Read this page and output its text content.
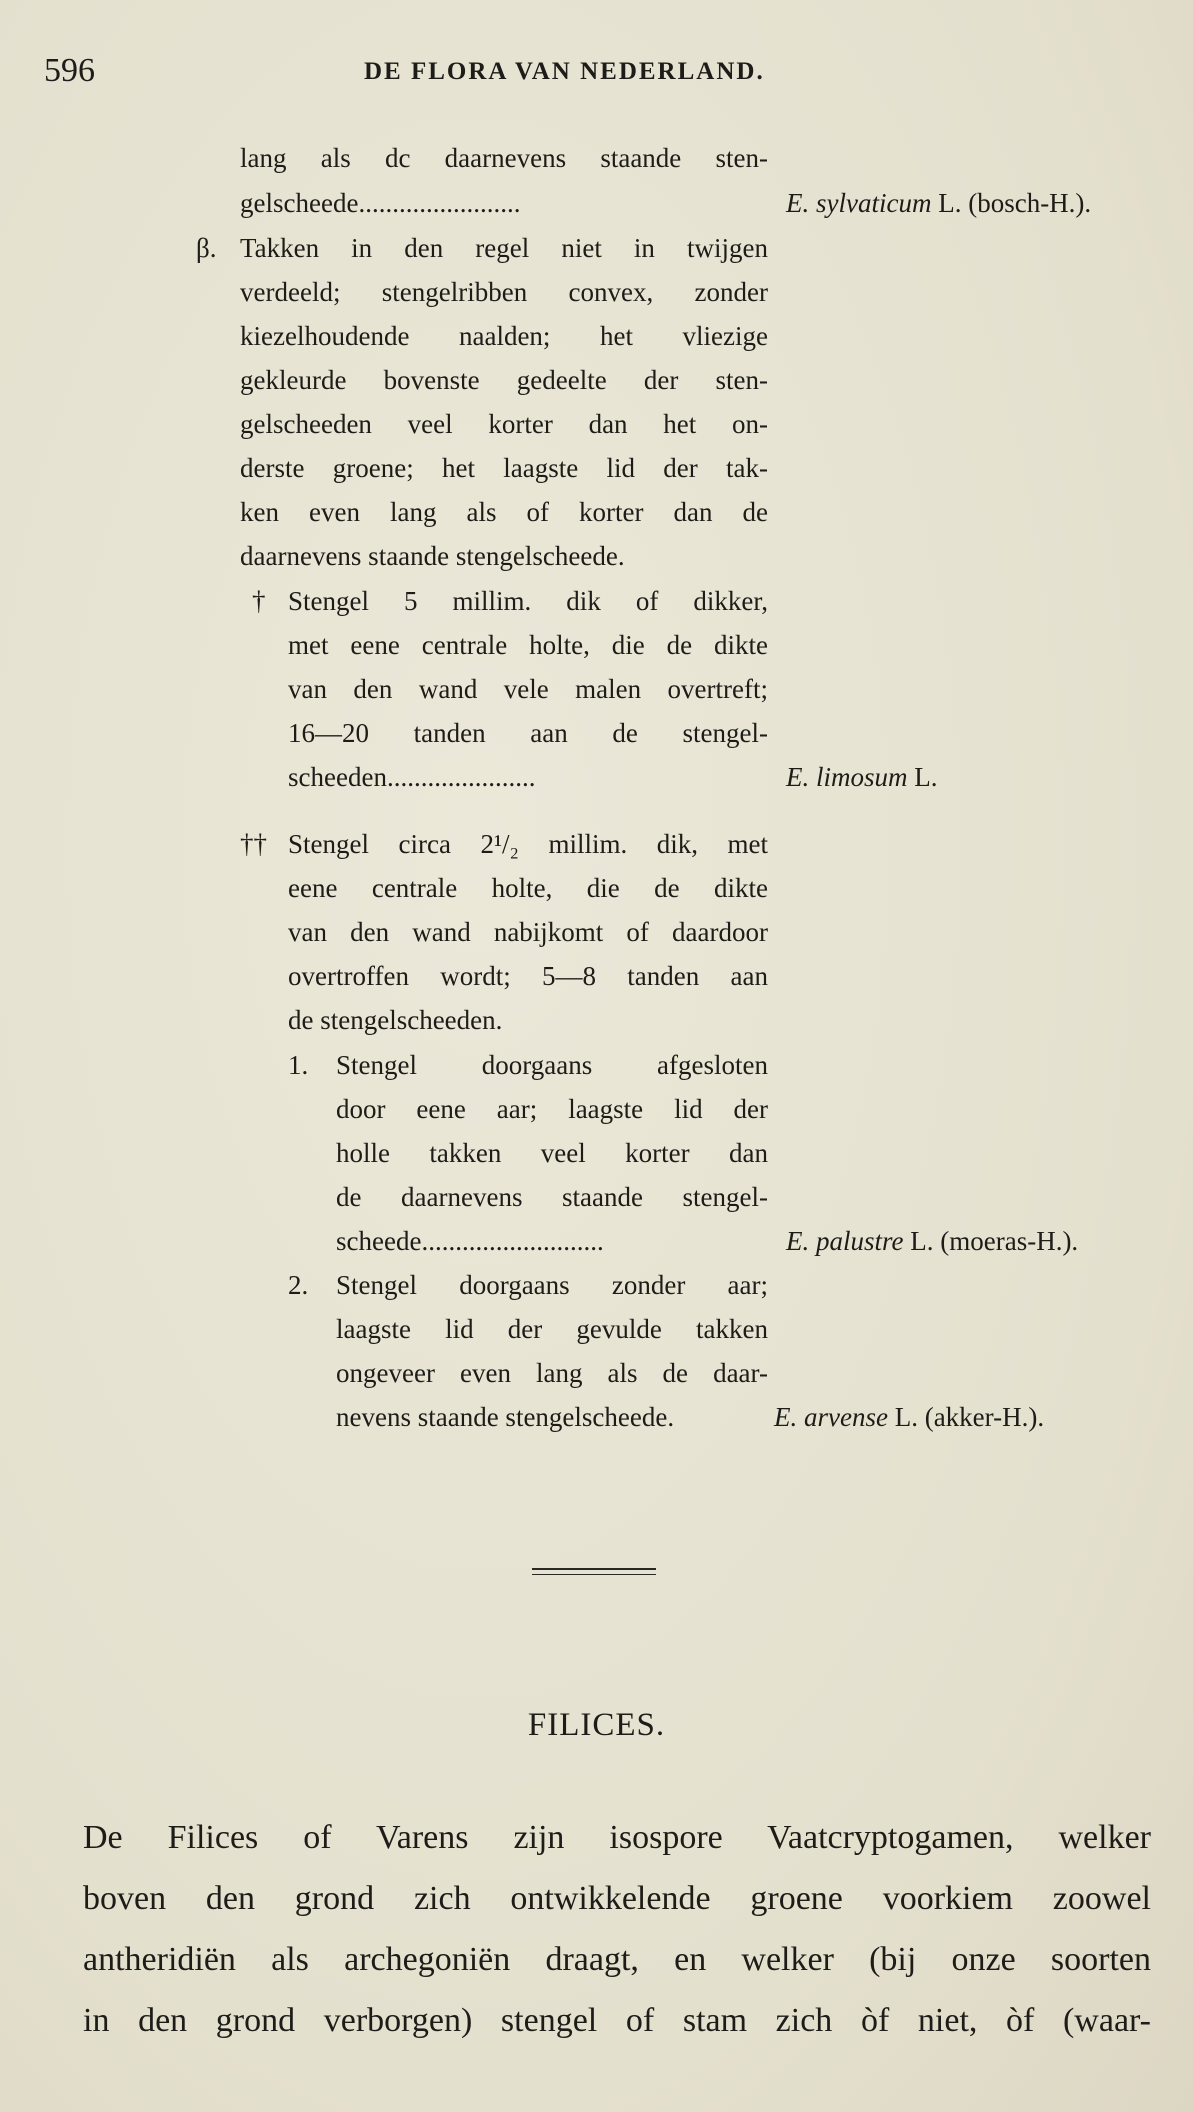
596	DE FLORA VAN NEDERLAND.
lang als dc daarnevens staande sten-
gelscheede........................	E. sylvaticum L. (bosch-H.).
β. Takken in den regel niet in twijgen
verdeeld; stengelribben convex, zonder
kiezelhoudende naalden; het vliezige
gekleurde bovenste gedeelte der sten-
gelscheeden veel korter dan het on-
derste groene; het laagste lid der tak-
ken even lang als of korter dan de
daarnevens staande stengelscheede.
† Stengel 5 millim. dik of dikker,
met eene centrale holte, die de dikte
van den wand vele malen overtreft;
16—20 tanden aan de stengel-
scheeden......................	E. limosum L.
†† Stengel circa 2¹/₂ millim. dik, met
eene centrale holte, die de dikte
van den wand nabijkomt of daardoor
overtroffen wordt; 5—8 tanden aan
de stengelscheeden.
1. Stengel doorgaans afgesloten
door eene aar; laagste lid der
holle takken veel korter dan
de daarnevens staande stengel-
scheede...........................	E. palustre L. (moeras-H.).
2. Stengel doorgaans zonder aar;
laagste lid der gevulde takken
ongeveer even lang als de daar-
nevens staande stengelscheede.	E. arvense L. (akker-H.).
FILICES.
De Filices of Varens zijn isospore Vaatcryptogamen, welker
boven den grond zich ontwikkelende groene voorkiem zoowel
antheridiën als archegoniën draagt, en welker (bij onze soorten
in den grond verborgen) stengel of stam zich òf niet, òf (waar-
